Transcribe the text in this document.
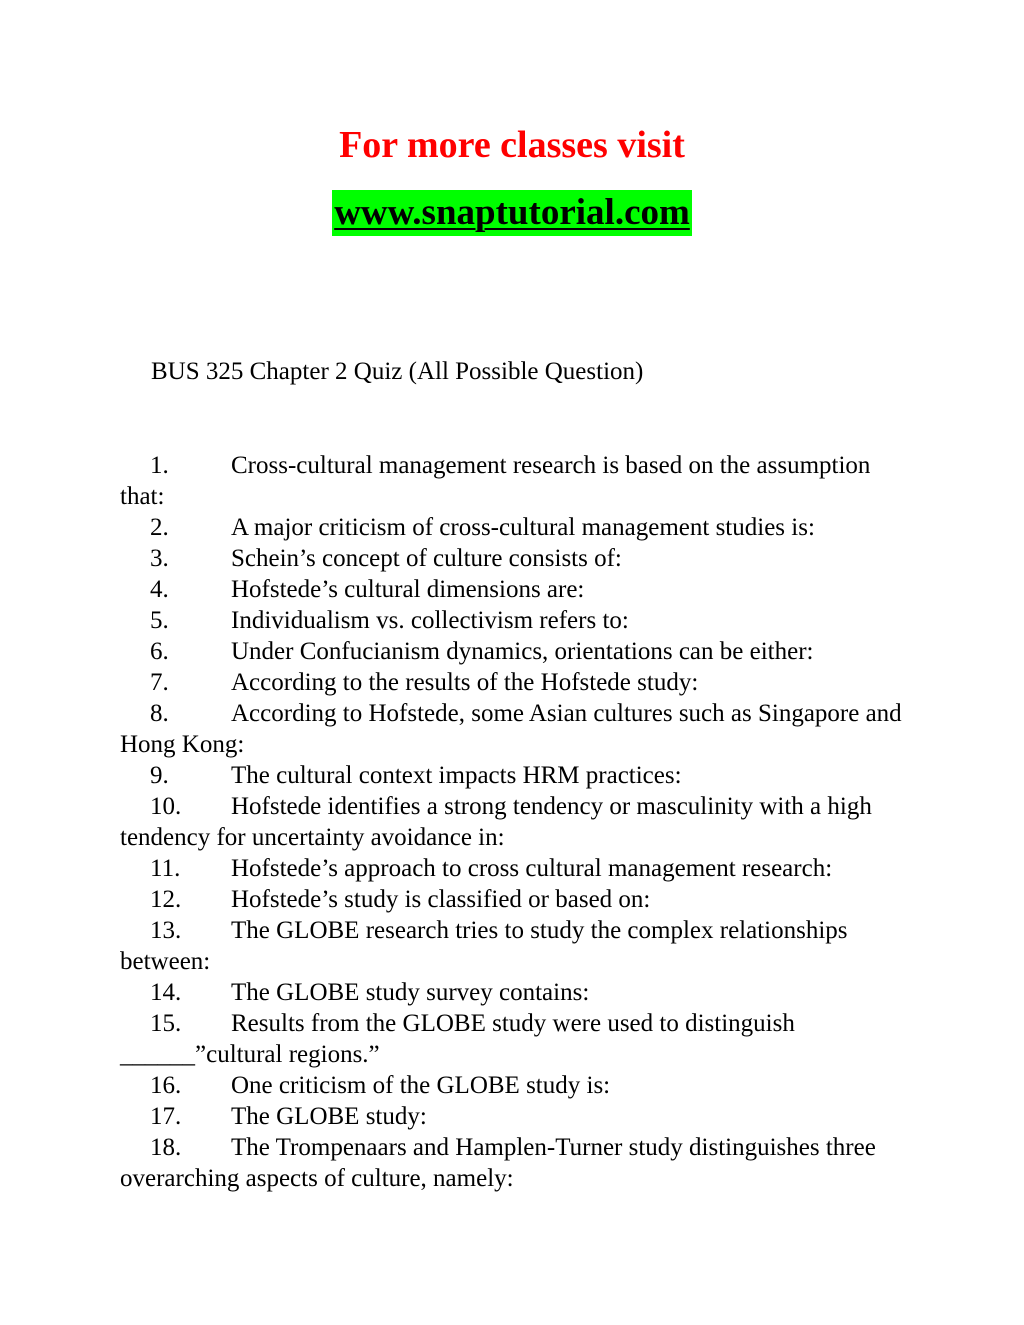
For more classes visit
www.snaptutorial.com
BUS 325 Chapter 2 Quiz (All Possible Question)
1. Cross-cultural management research is based on the assumption that:
2. A major criticism of cross-cultural management studies is:
3. Schein’s concept of culture consists of:
4. Hofstede’s cultural dimensions are:
5. Individualism vs. collectivism refers to:
6. Under Confucianism dynamics, orientations can be either:
7. According to the results of the Hofstede study:
8. According to Hofstede, some Asian cultures such as Singapore and Hong Kong:
9. The cultural context impacts HRM practices:
10. Hofstede identifies a strong tendency or masculinity with a high tendency for uncertainty avoidance in:
11. Hofstede’s approach to cross cultural management research:
12. Hofstede’s study is classified or based on:
13. The GLOBE research tries to study the complex relationships between:
14. The GLOBE study survey contains:
15. Results from the GLOBE study were used to distinguish ______”cultural regions.”
16. One criticism of the GLOBE study is:
17. The GLOBE study:
18. The Trompenaars and Hamplen-Turner study distinguishes three overarching aspects of culture, namely:
